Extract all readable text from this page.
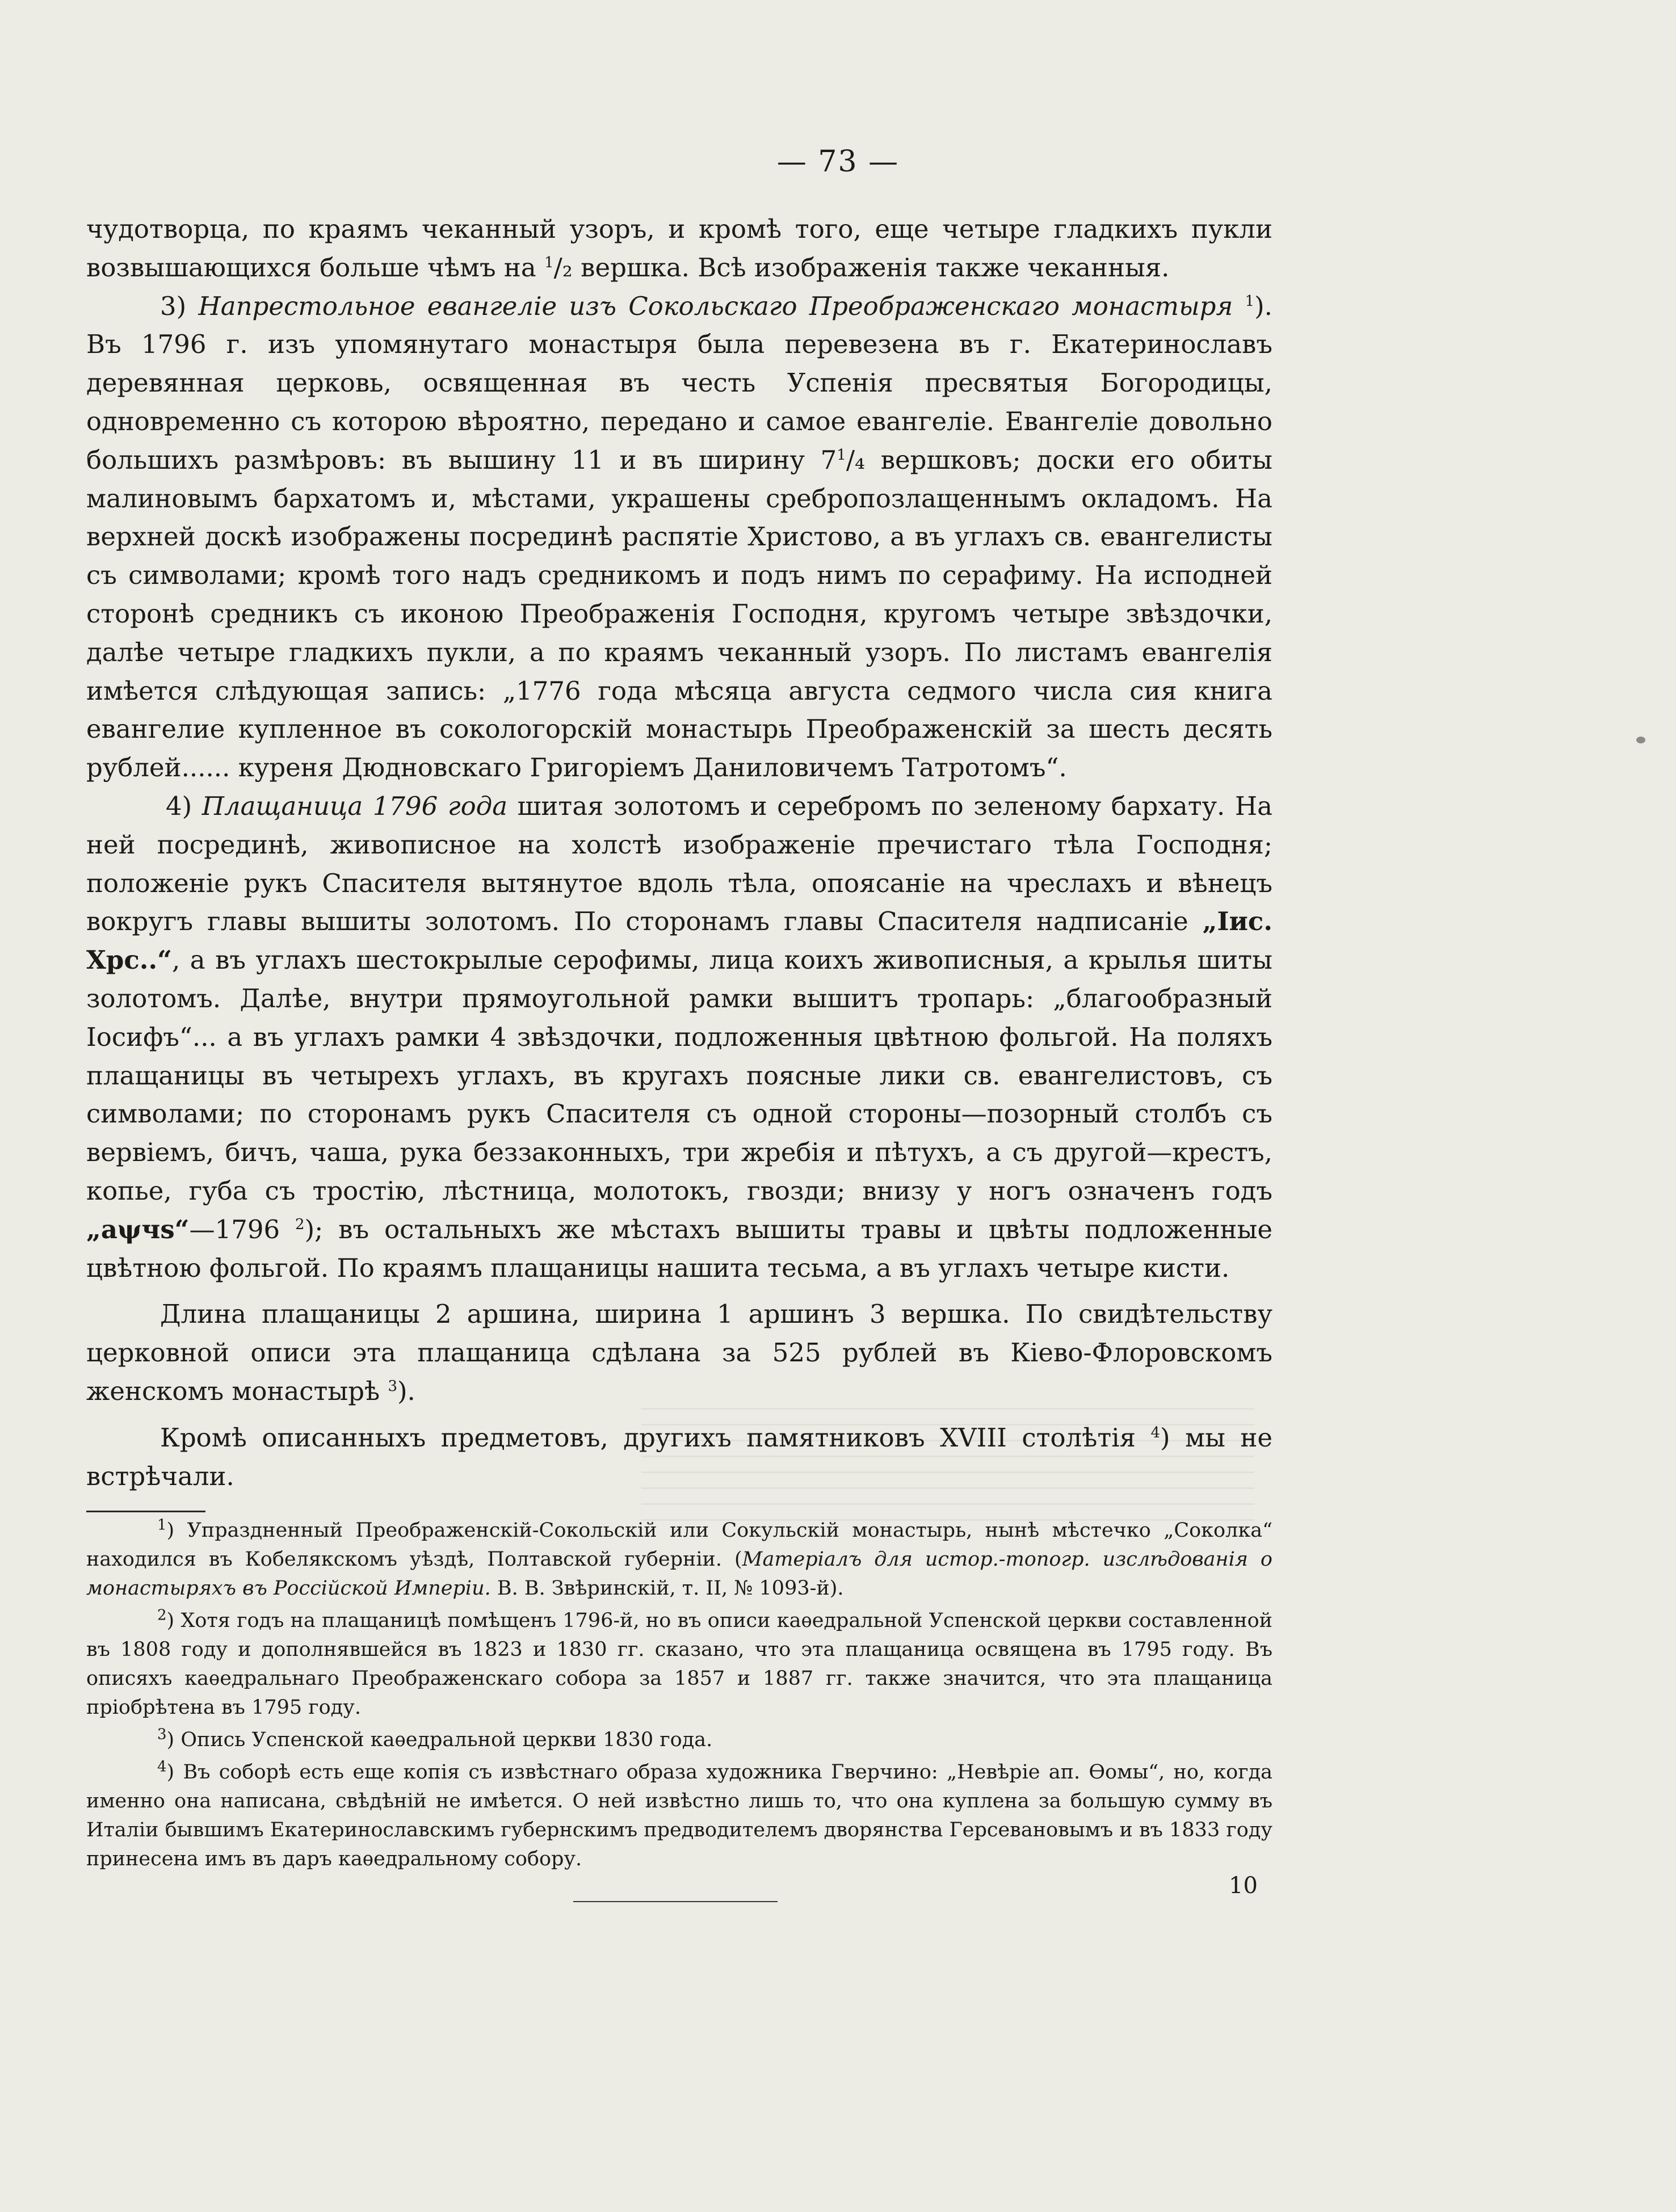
— 73 —

чудотворца, по краямъ чеканный узоръ, и кромѣ того, еще четыре гладкихъ пукли возвышающихся больше чѣмъ на $^1$/₂ вершка. Всѣ изображенія также чеканныя.

3) Напрестольное евангеліе изъ Сокольскаго Преображенскаго монастыря $^1$). Въ 1796 г. изъ упомянутаго монастыря была перевезена въ г. Екатеринославъ деревянная церковь, освященная въ честь Успенія пресвятыя Богородицы, одновременно съ которою вѣроятно, передано и самое евангеліе. Евангеліе довольно большихъ размѣровъ: въ вышину 11 и въ ширину $7^1/_4$ вершковъ; доски его обиты малиновымъ бархатомъ и, мѣстами, украшены сребропозлащеннымъ окладомъ. На верхней доскѣ изображены посрединѣ распятіе Христово, а въ углахъ св. евангелисты съ символами; кромѣ того надъ средникомъ и подъ нимъ по серафиму. На исподней сторонѣ средникъ съ иконою Преображенія Господня, кругомъ четыре звѣздочки, далѣе четыре гладкихъ пукли, а по краямъ чеканный узоръ. По листамъ евангелія имѣется слѣдующая запись: „1776 года мѣсяца августа седмого числа сия книга евангелие купленное въ сокологорскій монастырь Преображенскій за шесть десять рублей...... куреня Дюдновскаго Григоріемъ Даниловичемъ Татротомъ“.

4) Плащаница 1796 года шитая золотомъ и серебромъ по зеленому бархату. На ней посрединѣ, живописное на холстѣ изображеніе пречистаго тѣла Господня; положеніе рукъ Спасителя вытянутое вдоль тѣла, опоясаніе на чреслахъ и вѣнецъ вокругъ главы вышиты золотомъ. По сторонамъ главы Спасителя надписаніе „Іис. Хрс..“, а въ углахъ шестокрылые серофимы, лица коихъ живописныя, а крылья шиты золотомъ. Далѣе, внутри прямоугольной рамки вышитъ тропарь: „благообразный Іосифъ“... а въ углахъ рамки 4 звѣздочки, подложенныя цвѣтною фольгой. На поляхъ плащаницы въ четырехъ углахъ, въ кругахъ поясные лики св. евангелистовъ, съ символами; по сторонамъ рукъ Спасителя съ одной стороны—позорный столбъ съ вервіемъ, бичъ, чаша, рука беззаконныхъ, три жребія и пѣтухъ, а съ другой—крестъ, копье, губа съ тростію, лѣстница, молотокъ, гвозди; внизу у ногъ означенъ годъ „аψчѕ“—1796 $^2$); въ остальныхъ же мѣстахъ вышиты травы и цвѣты подложенные цвѣтною фольгой. По краямъ плащаницы нашита тесьма, а въ углахъ четыре кисти.

Длина плащаницы 2 аршина, ширина 1 аршинъ 3 вершка. По свидѣтельству церковной описи эта плащаница сдѣлана за 525 рублей въ Кіево-Флоровскомъ женскомъ монастырѣ $^3$).

Кромѣ описанныхъ предметовъ, другихъ памятниковъ XVIII столѣтія $^4$) мы не встрѣчали.

$^1$) Упраздненный Преображенскій-Сокольскій или Сокульскій монастырь, нынѣ мѣстечко „Соколка“ находился въ Кобелякскомъ уѣздѣ, Полтавской губерніи. (Матеріалъ для истор.-топогр. изслѣдованія о монастыряхъ въ Россійской Имперіи. В. В. Звѣринскій, т. II, № 1093-й).

$^2$) Хотя годъ на плащаницѣ помѣщенъ 1796-й, но въ описи каѳедральной Успенской церкви составленной въ 1808 году и дополнявшейся въ 1823 и 1830 гг. сказано, что эта плащаница освящена въ 1795 году. Въ описяхъ каѳедральнаго Преображенскаго собора за 1857 и 1887 гг. также значится, что эта плащаница пріобрѣтена въ 1795 году.

$^3$) Опись Успенской каѳедральной церкви 1830 года.

$^4$) Въ соборѣ есть еще копія съ извѣстнаго образа художника Гверчино: „Невѣріе ап. Ѳомы“, но, когда именно она написана, свѣдѣній не имѣется. О ней извѣстно лишь то, что она куплена за большую сумму въ Италіи бывшимъ Екатеринославскимъ губернскимъ предводителемъ дворянства Герсевановымъ и въ 1833 году принесена имъ въ даръ каѳедральному собору.

10
